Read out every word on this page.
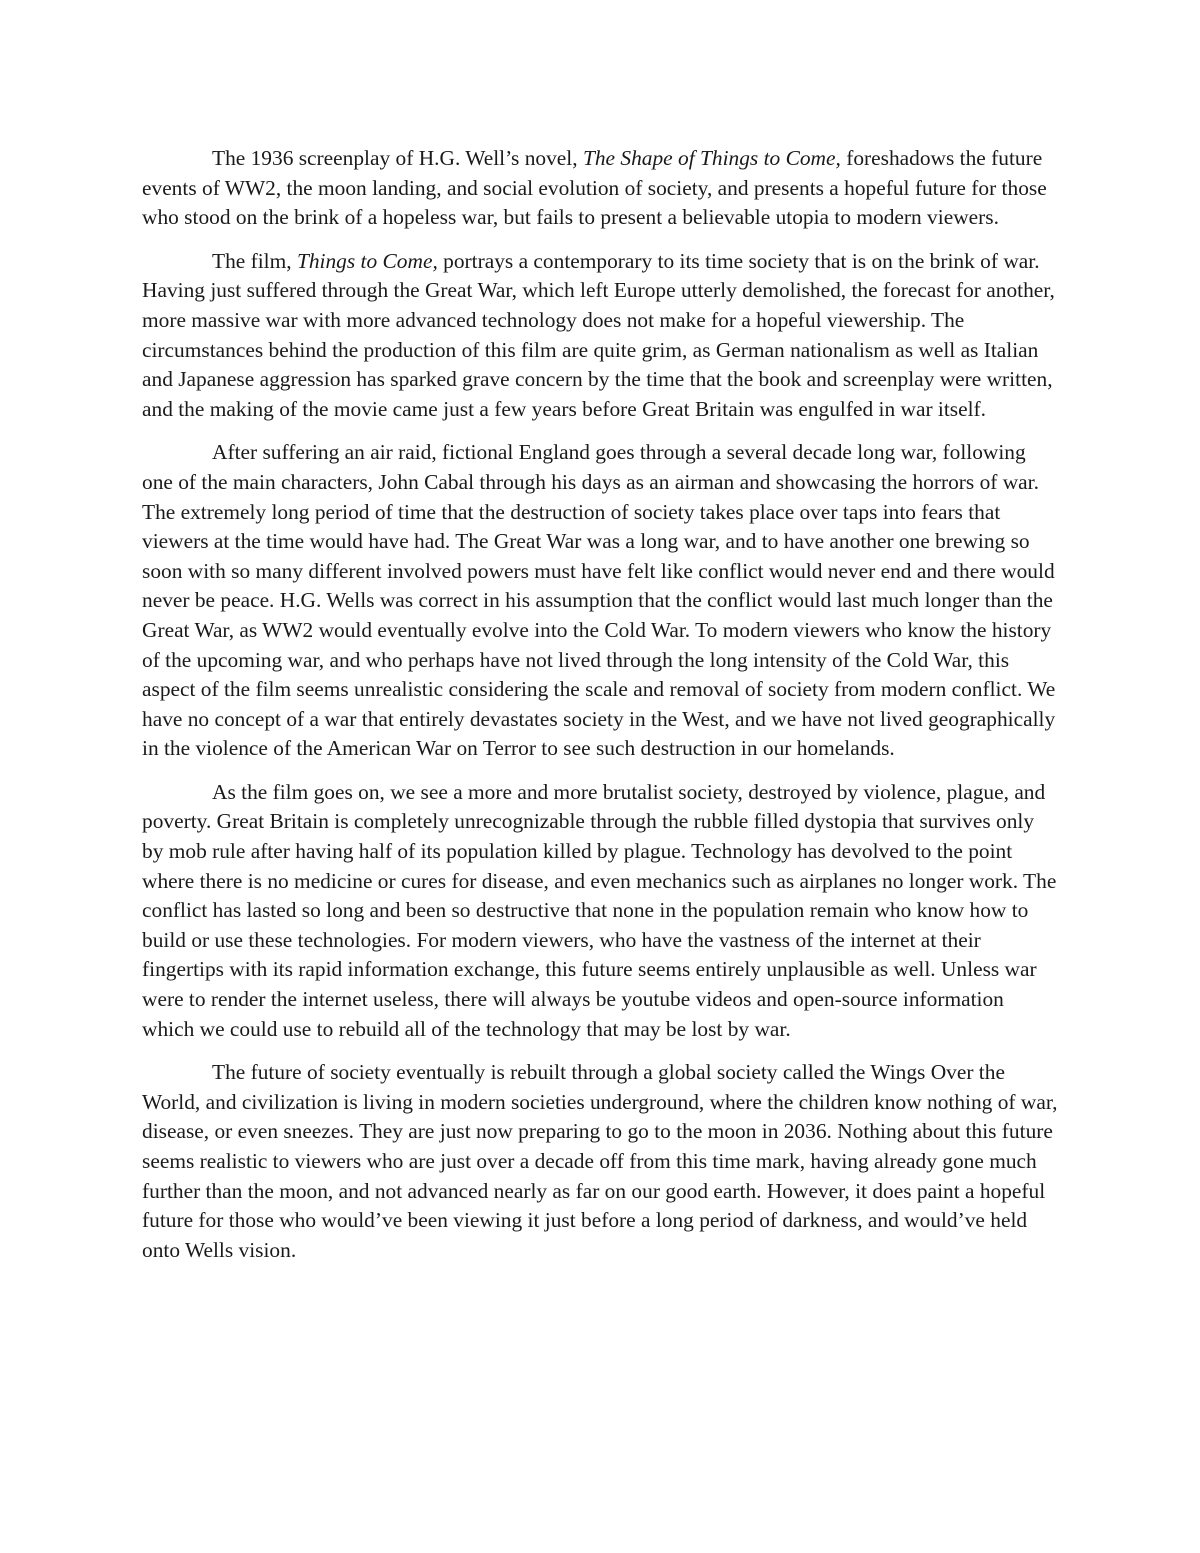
The 1936 screenplay of H.G. Well’s novel, The Shape of Things to Come, foreshadows the future events of WW2, the moon landing, and social evolution of society, and presents a hopeful future for those who stood on the brink of a hopeless war, but fails to present a believable utopia to modern viewers.

The film, Things to Come, portrays a contemporary to its time society that is on the brink of war. Having just suffered through the Great War, which left Europe utterly demolished, the forecast for another, more massive war with more advanced technology does not make for a hopeful viewership. The circumstances behind the production of this film are quite grim, as German nationalism as well as Italian and Japanese aggression has sparked grave concern by the time that the book and screenplay were written, and the making of the movie came just a few years before Great Britain was engulfed in war itself.

After suffering an air raid, fictional England goes through a several decade long war, following one of the main characters, John Cabal through his days as an airman and showcasing the horrors of war. The extremely long period of time that the destruction of society takes place over taps into fears that viewers at the time would have had. The Great War was a long war, and to have another one brewing so soon with so many different involved powers must have felt like conflict would never end and there would never be peace. H.G. Wells was correct in his assumption that the conflict would last much longer than the Great War, as WW2 would eventually evolve into the Cold War. To modern viewers who know the history of the upcoming war, and who perhaps have not lived through the long intensity of the Cold War, this aspect of the film seems unrealistic considering the scale and removal of society from modern conflict. We have no concept of a war that entirely devastates society in the West, and we have not lived geographically in the violence of the American War on Terror to see such destruction in our homelands.

As the film goes on, we see a more and more brutalist society, destroyed by violence, plague, and poverty. Great Britain is completely unrecognizable through the rubble filled dystopia that survives only by mob rule after having half of its population killed by plague. Technology has devolved to the point where there is no medicine or cures for disease, and even mechanics such as airplanes no longer work. The conflict has lasted so long and been so destructive that none in the population remain who know how to build or use these technologies. For modern viewers, who have the vastness of the internet at their fingertips with its rapid information exchange, this future seems entirely unplausible as well. Unless war were to render the internet useless, there will always be youtube videos and open-source information which we could use to rebuild all of the technology that may be lost by war.

The future of society eventually is rebuilt through a global society called the Wings Over the World, and civilization is living in modern societies underground, where the children know nothing of war, disease, or even sneezes. They are just now preparing to go to the moon in 2036. Nothing about this future seems realistic to viewers who are just over a decade off from this time mark, having already gone much further than the moon, and not advanced nearly as far on our good earth. However, it does paint a hopeful future for those who would’ve been viewing it just before a long period of darkness, and would’ve held onto Wells vision.
